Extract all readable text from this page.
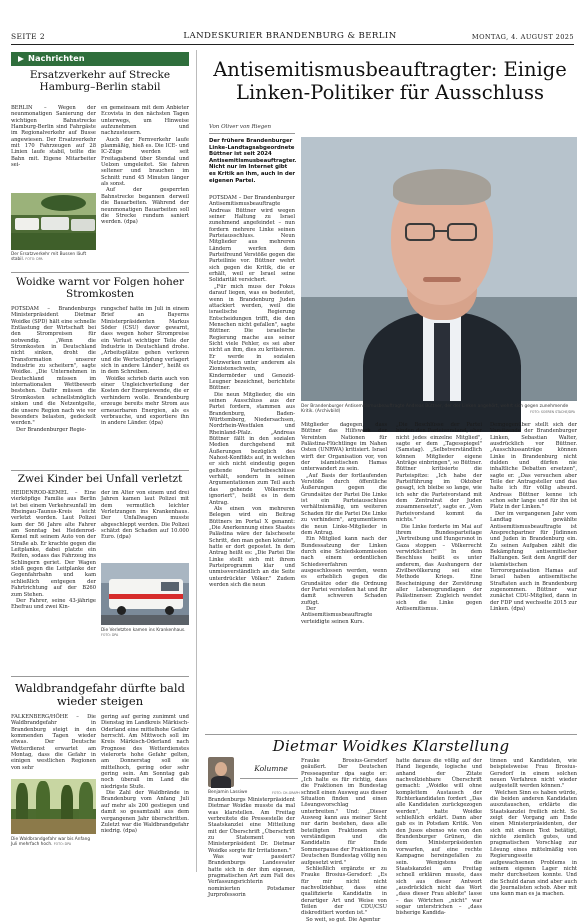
SEITE 2	LANDESKURIER BRANDENBURG & BERLIN	MONTAG, 4. AUGUST 2025
Nachrichten
Ersatzverkehr auf Strecke Hamburg–Berlin stabil

BERLIN – Wegen der neunmonatigen Sanierung der wichtigen Bahnstrecke Hamburg-Berlin sind Fahrgäste im Regionalverkehr auf Busse angewiesen. Der Ersatzverkehr mit 170 Fahrzeugen auf 28 Linien laufe stabil, teilte die Bahn mit. Eigene Mitarbeiter sei-

en gemeinsam mit dem Anbieter Ecovista in den nächsten Tagen unterwegs, um Hinweise aufzunehmen und nachzusteuern.

Auch der Fernverkehr laufe planmäßig, hieß es. Die ICE- und IC-Züge werden seit Freitagabend über Stendal und Uelzen umgeleitet. Sie fahren seltener und brauchen im Schnitt rund 45 Minuten länger als sonst.

Auf der gesperrten Bahnstrecke begannen derweil die Bauarbeiten. Während der neunmonatigen Bauarbeiten soll die Strecke rundum saniert werden. (dpa)

Der Ersatzverkehr mit Bussen läuft stabil. FOTO: DPA
Woidke warnt vor Folgen hoher Stromkosten

POTSDAM – Brandenburgs Ministerpräsident Dietmar Woidke (SPD) hält eine schnelle Entlastung der Wirtschaft bei den Strompreisen für notwendig. „Wenn die Stromkosten in Deutschland nicht sinken, droht die Transformation unserer Industrie zu scheitern", sagte Woidke. „Die Unternehmen in Deutschland müssen im internationalen Wettbewerb bestehen. Dafür müssen die Stromkosten schnellstmöglich sinken und die Netzentgelte, die unsere Region nach wie vor besonders belasten, gedeckelt werden."

Der Brandenburger Regie-

rungschef hatte im Juli in einem Brief an Bayerns Ministerpräsidenten Markus Söder (CSU) davor gewarnt, dass wegen hoher Strompreise ein Verlust wichtiger Teile der Industrie in Deutschland drohe. „Arbeitsplätze gehen verloren und die Wertschöpfung verlagert sich in andere Länder", heißt es in dem Schreiben.

Woidke schrieb darin auch von einer Ungleichverteilung der Kosten der Energiewende, die er verhindern wolle. Brandenburg erzeuge bereits mehr Strom aus erneuerbaren Energien, als es verbrauche, und exportiere ihn in andere Länder. (dpa)

Zwei Kinder bei Unfall verletzt

HEIDENROD-KEMEL – Eine vierköpfige Familie aus Berlin ist bei einem Verkehrsunfall im Rheingau-Taunus-Kreis leicht verletzt worden. Laut Polizei kam der 56 Jahre alte Fahrer am Sonntag bei Heidenrod-Kemel mit seinem Auto von der Straße ab. Er krachte gegen die Leitplanke, dabei platzte ein Reifen, sodass das Fahrzeug ins Schlingern geriet. Der Wagen stieß gegen die Leitplanke der Gegenfahrbahn und kam schließlich entgegen der Fahrtrichtung auf der B260 zum Stehen.

Der Fahrer, seine 43-jährige Ehefrau und zwei Kin-

der im Alter von einem und drei Jahren kamen laut Polizei mit dem vermutlich leichter Verletzungen ins Krankenhaus. Der Unfallwagen musste abgeschleppt werden. Die Polizei schätzt den Schaden auf 10.000 Euro. (dpa)

Die Verletzten kamen ins Krankenhaus. FOTO: DPA
Waldbrandgefahr dürfte bald wieder steigen

FALKENBERG/HÖHE – Die Waldbrandgefahr in Brandenburg steigt in den kommenden Tagen wieder etwas. Der Deutsche Wetterdienst erwartet am Montag, dass die Gefahr in einigen westlichen Regionen von sehr

gering auf gering zunimmt und Dienstag im Landkreis Märkisch-Oderland eine mittelhohe Gefahr herrscht. Am Mittwoch soll im Kreis Märkisch-Oderland nach Prognose des Wetterdienstes vielerorts hohe Gefahr gelten, am Donnerstag soll sie mittelhoch, gering oder sehr gering sein. Am Sonntag gab noch überall im Land die niedrigste Stufe.

Die Zahl der Waldbrände in Brandenburg vom Anfang Juli auf mehr als 200 gestiegen und damit so gesamtzahl aus dem vergangenen Jahr überschritten. Zuletzt war die Waldbrandgefahr niedrig. (dpa)

Die Waldbrandgefahr war bis Anfang Juli mehrfach hoch. FOTO: DPA
Antisemitismusbeauftragter: Einige Linken-Politiker für Ausschluss
Von Oliver von Riegen
Der frühere Brandenburger Linke-Landtagsabgeordnete Büttner ist seit 2024 Antisemitismusbeauftragter. Nicht nur im Internet gibt es Kritik an ihm, auch in der eigenen Partei.

POTSDAM – Der Brandenburger Antisemitismusbeauftragte Andreas Büttner wird wegen seiner Haltung zu Israel zunehmend angefeindet – nun fordern mehrere Linke seinen Parteiausschluss. Neun Mitglieder aus mehreren Ländern werfen dem Parteifreund Verstöße gegen die Parteilinie vor. Büttner wehrt sich gegen die Kritik, die er erhält, weil er Israel seine Solidarität versichert.

„Für mich muss der Fokus darauf liegen, was es bedeutet, wenn in Brandenburg Juden attackiert werden, weil die israelische Regierung Entscheidungen trifft, die den Menschen nicht gefallen", sagte Büttner. Die israelische Regierung mache aus seiner Sicht viele Fehler, es sei aber nicht an ihm, dies zu kritisieren. Er werde in sozialen Netzwerken unter anderem als Zionistenschwein, Kindermörder und Genozid-Leugner bezeichnet, berichtete Büttner.

Die neun Mitglieder, die ein seinen Ausschluss aus der Partei fordern, stammen aus Brandenburg, Baden-Württemberg, Niedersachsen, Nordrhein-Westfalen und Rheinland-Pfalz. „Andreas Büttner fällt in den sozialen Medien durchgehend mit Äußerungen bezüglich des Nahost-Konflikts auf, in welchen er sich nicht eindeutig gegen geltende Parteibeschlüsse verhält, sondern in seinen Argumentationen zum Teil auch das gehende Völkerrecht ignoriert", heißt es in dem Antrag.

Als einen von mehreren Belegen wird ein Beitrag Büttners im Portal X genannt: „Die Anerkennung eines Staates Palästina wäre der falschesete Schritt, den man gehen könnte", hatte er dort gepostet. In dem Antrag heißt es: „Die Partei Die Linke stellt sich mit ihrem Parteiprogramm klar und unmissverständlich an die Seite unterdrückter Völker." Zudem werden sich die neun

Der Brandenburger Antisemitismusbeauftragte Andreas Büttner, der der Linken angehört, wehrt sich gegen zunehmende Kritik. (Archivbild)	FOTO: SOEREN STACHE/DPA

Mitglieder dagegen, dass Büttner das Hilfswerk der Vereinten Nationen für Palästina-Flüchtlinge im Nahen Osten (UNRWA) kritisiert. Israel wirft der Organisation vor, von der islamistischen Hamas unterwandert zu sein.

„Auf Basis der fortlaufenden Verstöße durch öffentliche Äußerungen gegen die Grundsätze der Partei Die Linke ist ein Parteiausschluss verhältnismäßig, um weiteren Schaden für die Partei Die Linke zu verhindern", argumentieren die neun Linke-Mitglieder in dem Antrag.

Ein Mitglied kann nach der Bundessatzung der Linken durch eine Schiedskommission nach einem ordentlichen Schiedsverfahren ausgeschlossen werden, wenn es erheblich gegen die Grundsätze oder die Ordnung der Partei verstoßen hat und ihr damit schweren Schaden zufügt.

Der Antisemitismusbeauftragte verteidigte seinen Kurs.

„Die Beschlüsse der Partei binden den Parteivorstand, aber nicht jedes einzelne Mitglied", sagte er dem „Tagesspiegel" (Samstag). „Selbstverständlich können Mitglieder eigene Anträge einbringen", so Büttner. Büttner kritisierte die Parteispitze: „Ich habe der Parteiführung im Oktober gesagt, ich bleibe so lange, wie ich sehr die Parteivorstand mit dem Zentralrat der Juden zusammensetzt", sagte er. „Vom Parteivorstand kommt da nichts."

Die Linke forderte im Mai auf ihrem Bundesparteitage „Vertreibung und Hungersnot in Gaza stoppen – Völkerrecht verwirklichen!" In dem Beschluss heißt es unter anderem, das Aushungern der Zivilbevölkerung sei eine Methode Kriegs. Eine Bescheinigung der Zerstörung aller Lebensgrundlagen der Palästinenser. Zugleich wendet sich die Linke gegen Antisemitismus.

Demgegenüber stellt sich der Vorsitzende der Brandenburger Linken, Sebastian Walter, ausdrücklich vor Büttner. „Ausschlussanträge können Linke in Brandenburg nicht dulden und dürfen nie inhaltliche Debatten ersetzen", sagte er. „Das versuchen aber Teile der Antragsteller und das halte ich für völlig absurd. Andreas Büttner kenne ich schon sehr lange und für ihn ist Platz in der Linken."

Der im vergangenen Jahr vom Landtag gewählte Antisemitismusbeauftragte ist Ansprechpartner für Jüdinnen und Juden in Brandenburg ein. Zu seinen Aufgaben zählt die Bekämpfung antisemitischer Haltungen. Seit dem Angriff der islamistischen Terrororganisation Hamas auf Israel haben antisemitische Straftaten auch in Brandenburg zugenommen. Büttner war zunächst CDU-Mitglied, dann in der FDP und wechselte 2015 zur Linken. (dpa)

Dietmar Woidkes Klarstellung
Kolumne
Benjamin Lassiwe	FOTO: CH-GRAPH

Brandenburgs Ministerpräsident Dietmar Woidke musste da mal was klarstellen. Am Freitag verbreitete die Pressestelle der Staatskanzlei eine Mitteilung mit der Überschrift „Überschrift zu Statement von Ministerpräsident Dr. Dietmar Woidke sorgte für Irritationen."

Was war passiert? Brandenburgs Landesvater hatte sich in der ihm eigenen, pragmatischen Art zum Fall des Verfassungsrichterin nominierten Potsdamer Jurprofessorin

Frauke Brosius-Gersdorf geäußert. Der Deutschen Presseagentur dpa sagte er: „Ich halte es für richtig, dass die Fraktionen im Bundestag schnell einen Ausweg aus dieser Situation finden und einen Lösungsvorschlag unterbreiten." Und: „Dieser Ausweg kann aus meiner Sicht nur darin bestehen, dass alle beteiligten Fraktionen sich verständigen und die Kandidatin für Ende Sommerpause der Fraktionen in Deutschen Bundestag völlig neu aufgesetzt wird."

Schließlich ergänzte er zu Frauke Brosius-Gersdorf: „Es für mir nicht nicht nachvollziehbar, dass eine qualifizierte Kandidatin in derartiger Art und Weise von Teilen der CDU/CSU diskreditiert worden ist."

So weit, so gut. Die Agentur

hatte daraus die völlig auf der Hand liegende, logische und anhand der Zitate nachvollziehbare Überschrift gemacht: „Woidke will ohne komplettem Austausch der Richterkandidaten fordert „Das alle Kandidaten zurückgezogen werden", hatte Woidke schließlich erklärt. Dann aber gab es in Potsdam Kritik. Von den Jusos ebenso wie von den Brandenburger Grünen, die dem Ministerpräsidenten vorwarfen, auf eine rechte Kampagne hereingefallen zu sein. Wenigstens die Staatskanzlei am Freitag schnell erklären musste, dass sich aus dieser Antwort „ausdrücklich nicht das Wort „dass dieser Frau ableite" lasse – das Wörtchen „nicht" war sogar unterstrichen – „dass bisherige Kandida-

tinnen und Kandidaten, wie beispielsweise Frau Brosius-Gersdorf in einem solchen neuen Verfahren nicht wieder aufgestellt werden können."

Welchen Sinn es haben würde, die beiden anderen Kandidaten auszutauschen, erklärte die Staatskanzlei freilich nicht. So zeigt der Vorgang am Ende einen Ministerpräsidenten, der sich mit einem Text betätigt, nichte ziemlich gutes, und pragmatischen Vorschlag zur Lösung eines mittelmäßig von Regierungsseite aufgewachsenen Problems in seinem eigenen Lager nicht mehr durchsetzen konnte. Und die Schuld daran sind aber auch die Journalisten schob. Aber mit uns kann man es ja machen.
